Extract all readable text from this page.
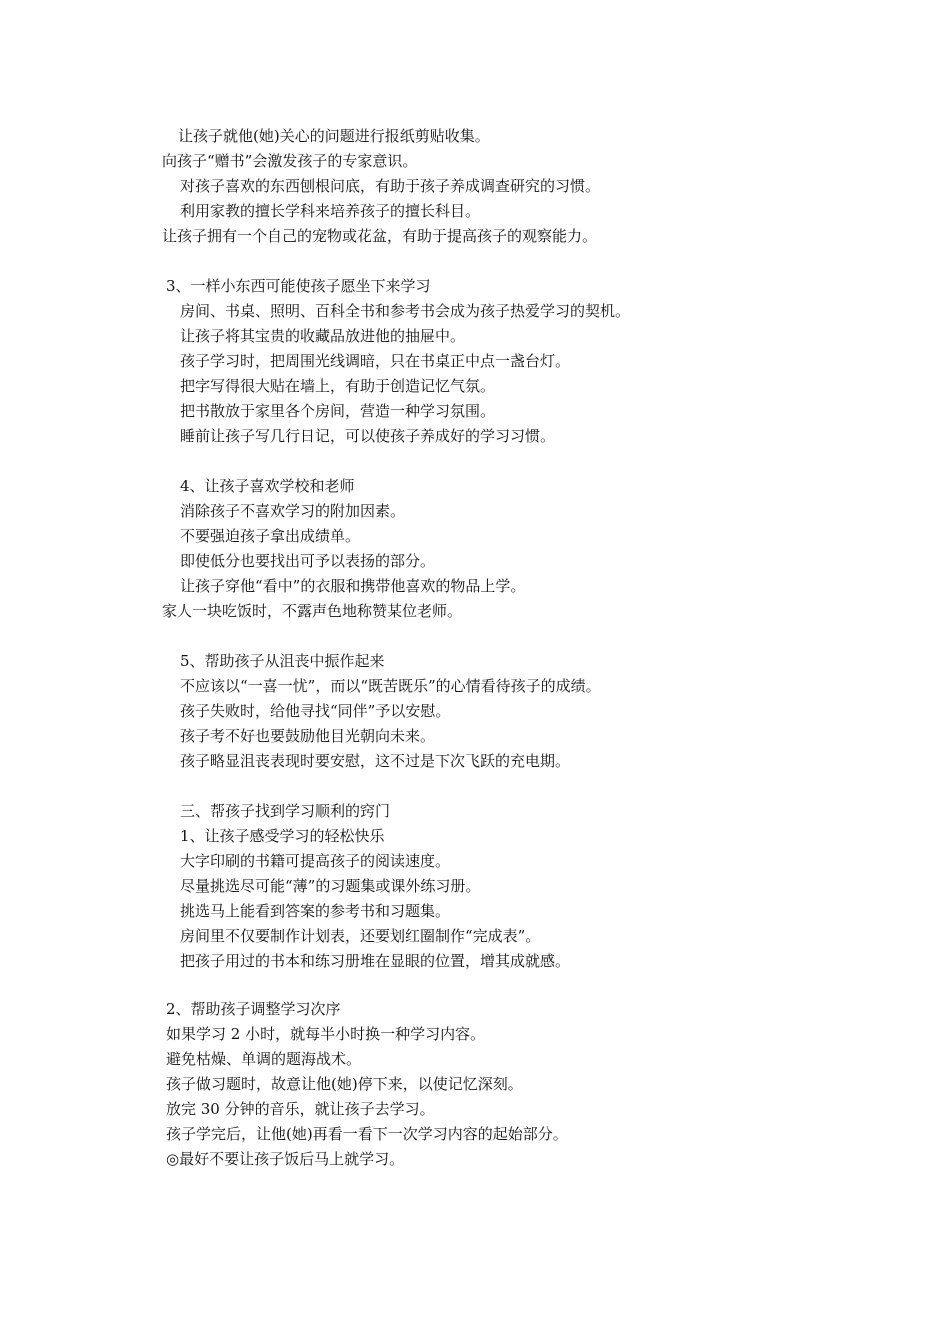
让孩子就他(她)关心的问题进行报纸剪贴收集。
向孩子“赠书”会激发孩子的专家意识。
对孩子喜欢的东西刨根问底，有助于孩子养成调查研究的习惯。
利用家教的擅长学科来培养孩子的擅长科目。
让孩子拥有一个自己的宠物或花盆，有助于提高孩子的观察能力。
3、一样小东西可能使孩子愿坐下来学习
房间、书桌、照明、百科全书和参考书会成为孩子热爱学习的契机。
让孩子将其宝贵的收藏品放进他的抽屉中。
孩子学习时，把周围光线调暗，只在书桌正中点一盏台灯。
把字写得很大贴在墙上，有助于创造记忆气氛。
把书散放于家里各个房间，营造一种学习氛围。
睡前让孩子写几行日记，可以使孩子养成好的学习习惯。
4、让孩子喜欢学校和老师
消除孩子不喜欢学习的附加因素。
不要强迫孩子拿出成绩单。
即使低分也要找出可予以表扬的部分。
让孩子穿他“看中”的衣服和携带他喜欢的物品上学。
家人一块吃饭时，不露声色地称赞某位老师。
5、帮助孩子从沮丧中振作起来
不应该以“一喜一忧”，而以“既苦既乐”的心情看待孩子的成绩。
孩子失败时，给他寻找“同伴”予以安慰。
孩子考不好也要鼓励他目光朝向未来。
孩子略显沮丧表现时要安慰，这不过是下次飞跃的充电期。
三、帮孩子找到学习顺利的窍门
1、让孩子感受学习的轻松快乐
大字印刷的书籍可提高孩子的阅读速度。
尽量挑选尽可能“薄”的习题集或课外练习册。
挑选马上能看到答案的参考书和习题集。
房间里不仅要制作计划表，还要划红圈制作“完成表”。
把孩子用过的书本和练习册堆在显眼的位置，增其成就感。
2、帮助孩子调整学习次序
如果学习 2 小时，就每半小时换一种学习内容。
避免枯燥、单调的题海战术。
孩子做习题时，故意让他(她)停下来，以使记忆深刻。
放完 30 分钟的音乐，就让孩子去学习。
孩子学完后，让他(她)再看一看下一次学习内容的起始部分。
◎最好不要让孩子饭后马上就学习。
